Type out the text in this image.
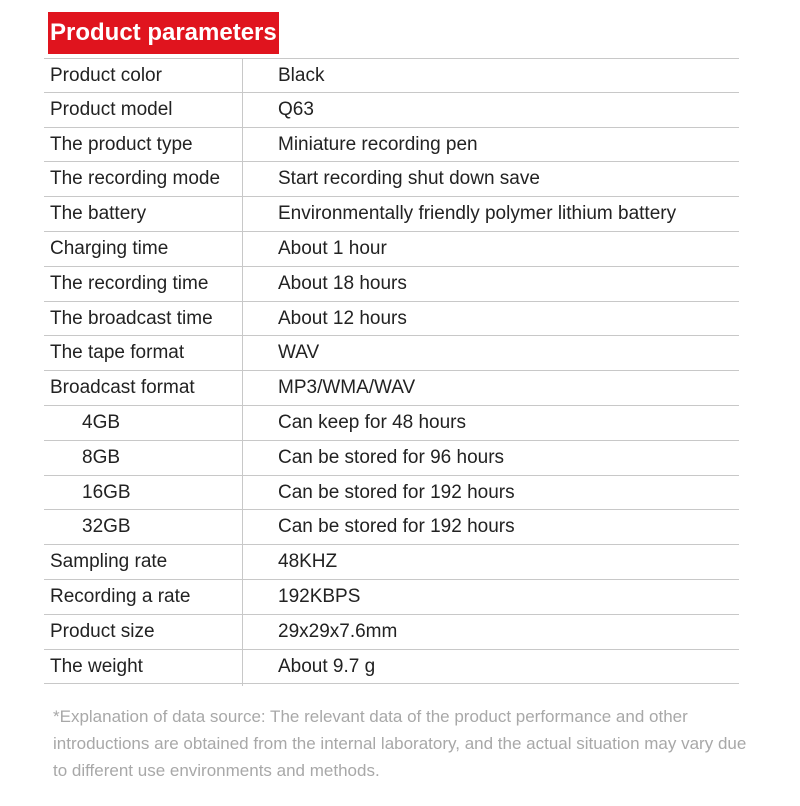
Product parameters
Product color	Black
Product model	Q63
The product type	Miniature recording pen
The recording mode	Start recording shut down save
The battery	Environmentally friendly polymer lithium battery
Charging time	About 1 hour
The recording time	About 18 hours
The broadcast time	About 12 hours
The tape format	WAV
Broadcast format	MP3/WMA/WAV
4GB	Can keep for 48 hours
8GB	Can be stored for 96 hours
16GB	Can be stored for 192 hours
32GB	Can be stored for 192 hours
Sampling rate	48KHZ
Recording a rate	192KBPS
Product size	29x29x7.6mm
The weight	About 9.7 g
*Explanation of data source: The relevant data of the product performance and other introductions are obtained from the internal laboratory, and the actual situation may vary due to different use environments and methods.
